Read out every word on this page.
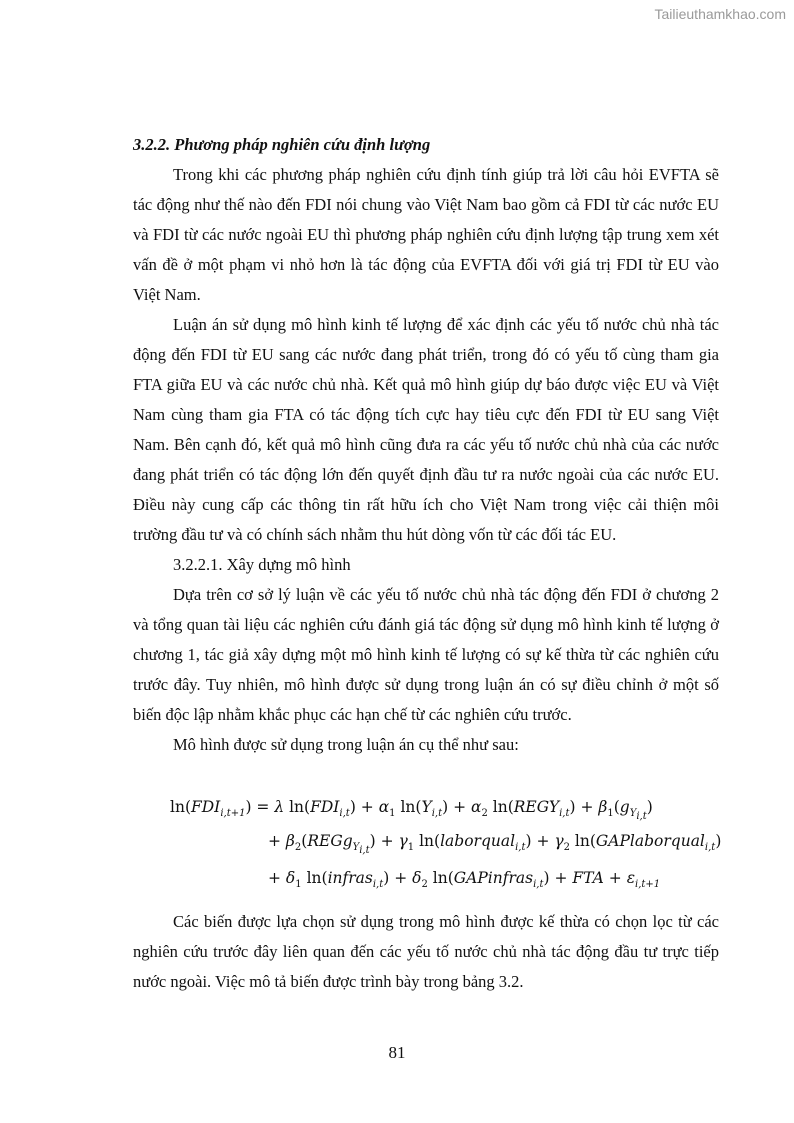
Tailieuthamkhao.com
3.2.2. Phương pháp nghiên cứu định lượng

Trong khi các phương pháp nghiên cứu định tính giúp trả lời câu hỏi EVFTA sẽ tác động như thế nào đến FDI nói chung vào Việt Nam bao gồm cả FDI từ các nước EU và FDI từ các nước ngoài EU thì phương pháp nghiên cứu định lượng tập trung xem xét vấn đề ở một phạm vi nhỏ hơn là tác động của EVFTA đối với giá trị FDI từ EU vào Việt Nam.

Luận án sử dụng mô hình kinh tế lượng để xác định các yếu tố nước chủ nhà tác động đến FDI từ EU sang các nước đang phát triển, trong đó có yếu tố cùng tham gia FTA giữa EU và các nước chủ nhà. Kết quả mô hình giúp dự báo được việc EU và Việt Nam cùng tham gia FTA có tác động tích cực hay tiêu cực đến FDI từ EU sang Việt Nam. Bên cạnh đó, kết quả mô hình cũng đưa ra các yếu tố nước chủ nhà của các nước đang phát triển có tác động lớn đến quyết định đầu tư ra nước ngoài của các nước EU. Điều này cung cấp các thông tin rất hữu ích cho Việt Nam trong việc cải thiện môi trường đầu tư và có chính sách nhằm thu hút dòng vốn từ các đối tác EU.

3.2.2.1. Xây dựng mô hình

Dựa trên cơ sở lý luận về các yếu tố nước chủ nhà tác động đến FDI ở chương 2 và tổng quan tài liệu các nghiên cứu đánh giá tác động sử dụng mô hình kinh tế lượng ở chương 1, tác giả xây dựng một mô hình kinh tế lượng có sự kế thừa từ các nghiên cứu trước đây. Tuy nhiên, mô hình được sử dụng trong luận án có sự điều chỉnh ở một số biến độc lập nhằm khắc phục các hạn chế từ các nghiên cứu trước.

Mô hình được sử dụng trong luận án cụ thể như sau:

$\ln(FDI_{i,t+1}) = \lambda$ $\ln(FDI_{i,t}) + \alpha_1$ $\ln(Y_{i,t}) + \alpha_2$ $\ln(REGY_{i,t}) + \beta_1(g_{Y_{i,t}})$
+ $\beta_2(REGg_{Y_{i,t}}) + \gamma_1$ ln(laborqual$_{i,t}$) + $\gamma_2$ ln(GAPlaborqual$_{i,t}$)
+ $\delta_1$ ln(infras$_{i,t}$) + $\delta_2$ ln(GAPinfras$_{i,t}$) + FTA + $\varepsilon_{i,t+1}$

Các biến được lựa chọn sử dụng trong mô hình được kế thừa có chọn lọc từ các nghiên cứu trước đây liên quan đến các yếu tố nước chủ nhà tác động đầu tư trực tiếp nước ngoài. Việc mô tả biến được trình bày trong bảng 3.2.

81
